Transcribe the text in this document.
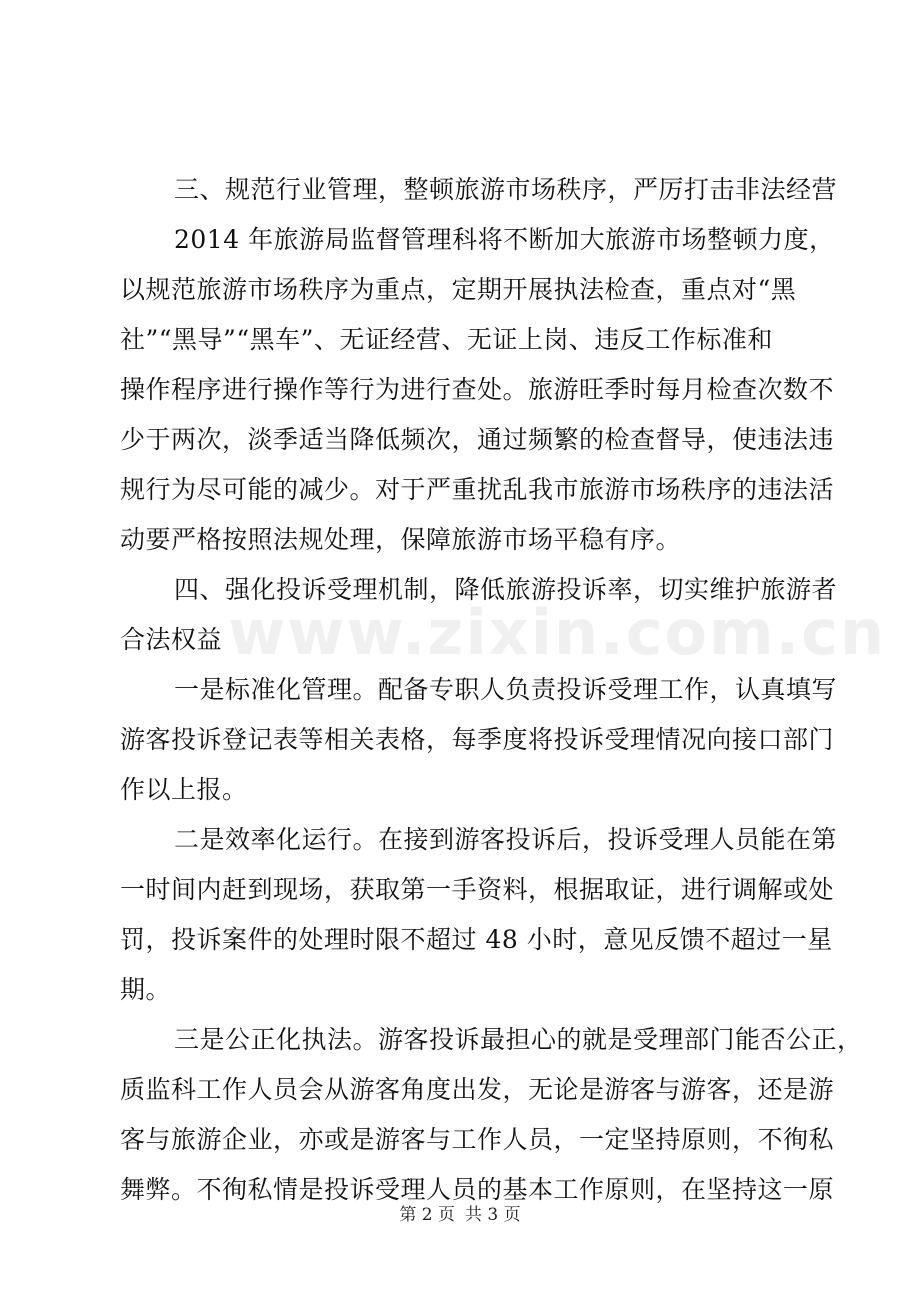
三、规范行业管理，整顿旅游市场秩序，严厉打击非法经营
2014 年旅游局监督管理科将不断加大旅游市场整顿力度，
以规范旅游市场秩序为重点，定期开展执法检查，重点对“黑
社”“黑导”“黑车”、无证经营、无证上岗、违反工作标准和
操作程序进行操作等行为进行查处。旅游旺季时每月检查次数不
少于两次，淡季适当降低频次，通过频繁的检查督导，使违法违
规行为尽可能的减少。对于严重扰乱我市旅游市场秩序的违法活
动要严格按照法规处理，保障旅游市场平稳有序。
四、强化投诉受理机制，降低旅游投诉率，切实维护旅游者
合法权益
一是标准化管理。配备专职人负责投诉受理工作，认真填写
游客投诉登记表等相关表格，每季度将投诉受理情况向接口部门
作以上报。
二是效率化运行。在接到游客投诉后，投诉受理人员能在第
一时间内赶到现场，获取第一手资料，根据取证，进行调解或处
罚，投诉案件的处理时限不超过 48 小时，意见反馈不超过一星
期。
三是公正化执法。游客投诉最担心的就是受理部门能否公正，
质监科工作人员会从游客角度出发，无论是游客与游客，还是游
客与旅游企业，亦或是游客与工作人员，一定坚持原则，不徇私
舞弊。不徇私情是投诉受理人员的基本工作原则，在坚持这一原
www.zixin.com.cn
第 2 页 共 3 页
